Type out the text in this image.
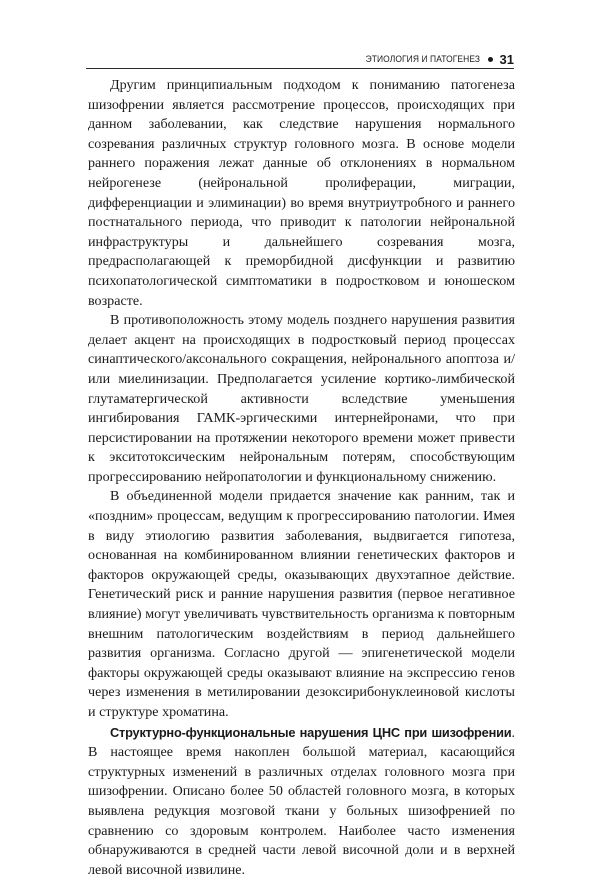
ЭТИОЛОГИЯ И ПАТОГЕНЕЗ 31

Другим принципиальным подходом к пониманию патогенеза шизофрении является рассмотрение процессов, происходящих при данном заболевании, как следствие нарушения нормального созревания различных структур головного мозга. В основе модели раннего поражения лежат данные об отклонениях в нормальном нейрогенезе (нейрональной пролиферации, миграции, дифференциации и элиминации) во время внутриутробного и раннего постнатального периода, что приводит к патологии нейрональной инфраструктуры и дальнейшего созревания мозга, предрасполагающей к преморбидной дисфункции и развитию психопатологической симптоматики в подростковом и юношеском возрасте.

В противоположность этому модель позднего нарушения развития делает акцент на происходящих в подростковый период процессах синаптического/аксонального сокращения, нейронального апоптоза и/или миелинизации. Предполагается усиление кортико-лимбической глутаматергической активности вследствие уменьшения ингибирования ГАМК-эргическими интернейронами, что при персистировании на протяжении некоторого времени может привести к экситотоксическим нейрональным потерям, способствующим прогрессированию нейропатологии и функциональному снижению.

В объединенной модели придается значение как ранним, так и «поздним» процессам, ведущим к прогрессированию патологии. Имея в виду этиологию развития заболевания, выдвигается гипотеза, основанная на комбинированном влиянии генетических факторов и факторов окружающей среды, оказывающих двухэтапное действие. Генетический риск и ранние нарушения развития (первое негативное влияние) могут увеличивать чувствительность организма к повторным внешним патологическим воздействиям в период дальнейшего развития организма. Согласно другой — эпигенетической модели факторы окружающей среды оказывают влияние на экспрессию генов через изменения в метилировании дезоксирибонуклеиновой кислоты и структуре хроматина.

Структурно-функциональные нарушения ЦНС при шизофрении. В настоящее время накоплен большой материал, касающийся структурных изменений в различных отделах головного мозга при шизофрении. Описано более 50 областей головного мозга, в которых выявлена редукция мозговой ткани у больных шизофренией по сравнению со здоровым контролем. Наиболее часто изменения обнаруживаются в средней части левой височной доли и в верхней левой височной извилине.
